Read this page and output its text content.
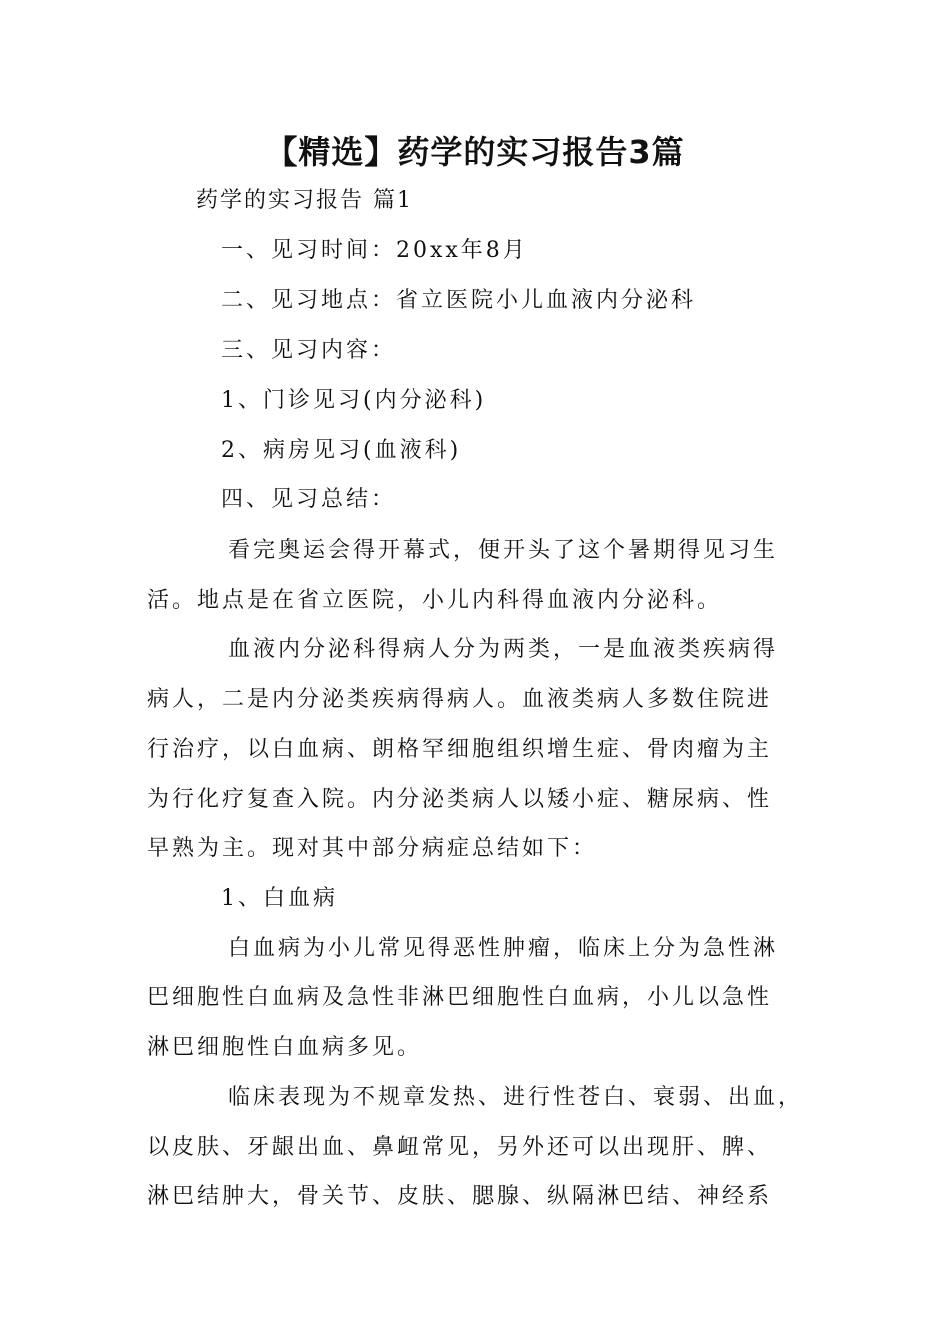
【精选】药学的实习报告3篇
药学的实习报告 篇1
一、见习时间：20xx年8月
二、见习地点：省立医院小儿血液内分泌科
三、见习内容：
1、门诊见习(内分泌科)
2、病房见习(血液科)
四、见习总结：
看完奥运会得开幕式，便开头了这个暑期得见习生
活。地点是在省立医院，小儿内科得血液内分泌科。
血液内分泌科得病人分为两类，一是血液类疾病得
病人，二是内分泌类疾病得病人。血液类病人多数住院进
行治疗，以白血病、朗格罕细胞组织增生症、骨肉瘤为主
为行化疗复查入院。内分泌类病人以矮小症、糖尿病、性
早熟为主。现对其中部分病症总结如下：
1、白血病
白血病为小儿常见得恶性肿瘤，临床上分为急性淋
巴细胞性白血病及急性非淋巴细胞性白血病，小儿以急性
淋巴细胞性白血病多见。
临床表现为不规章发热、进行性苍白、衰弱、出血，
以皮肤、牙龈出血、鼻衄常见，另外还可以出现肝、脾、
淋巴结肿大，骨关节、皮肤、腮腺、纵隔淋巴结、神经系
